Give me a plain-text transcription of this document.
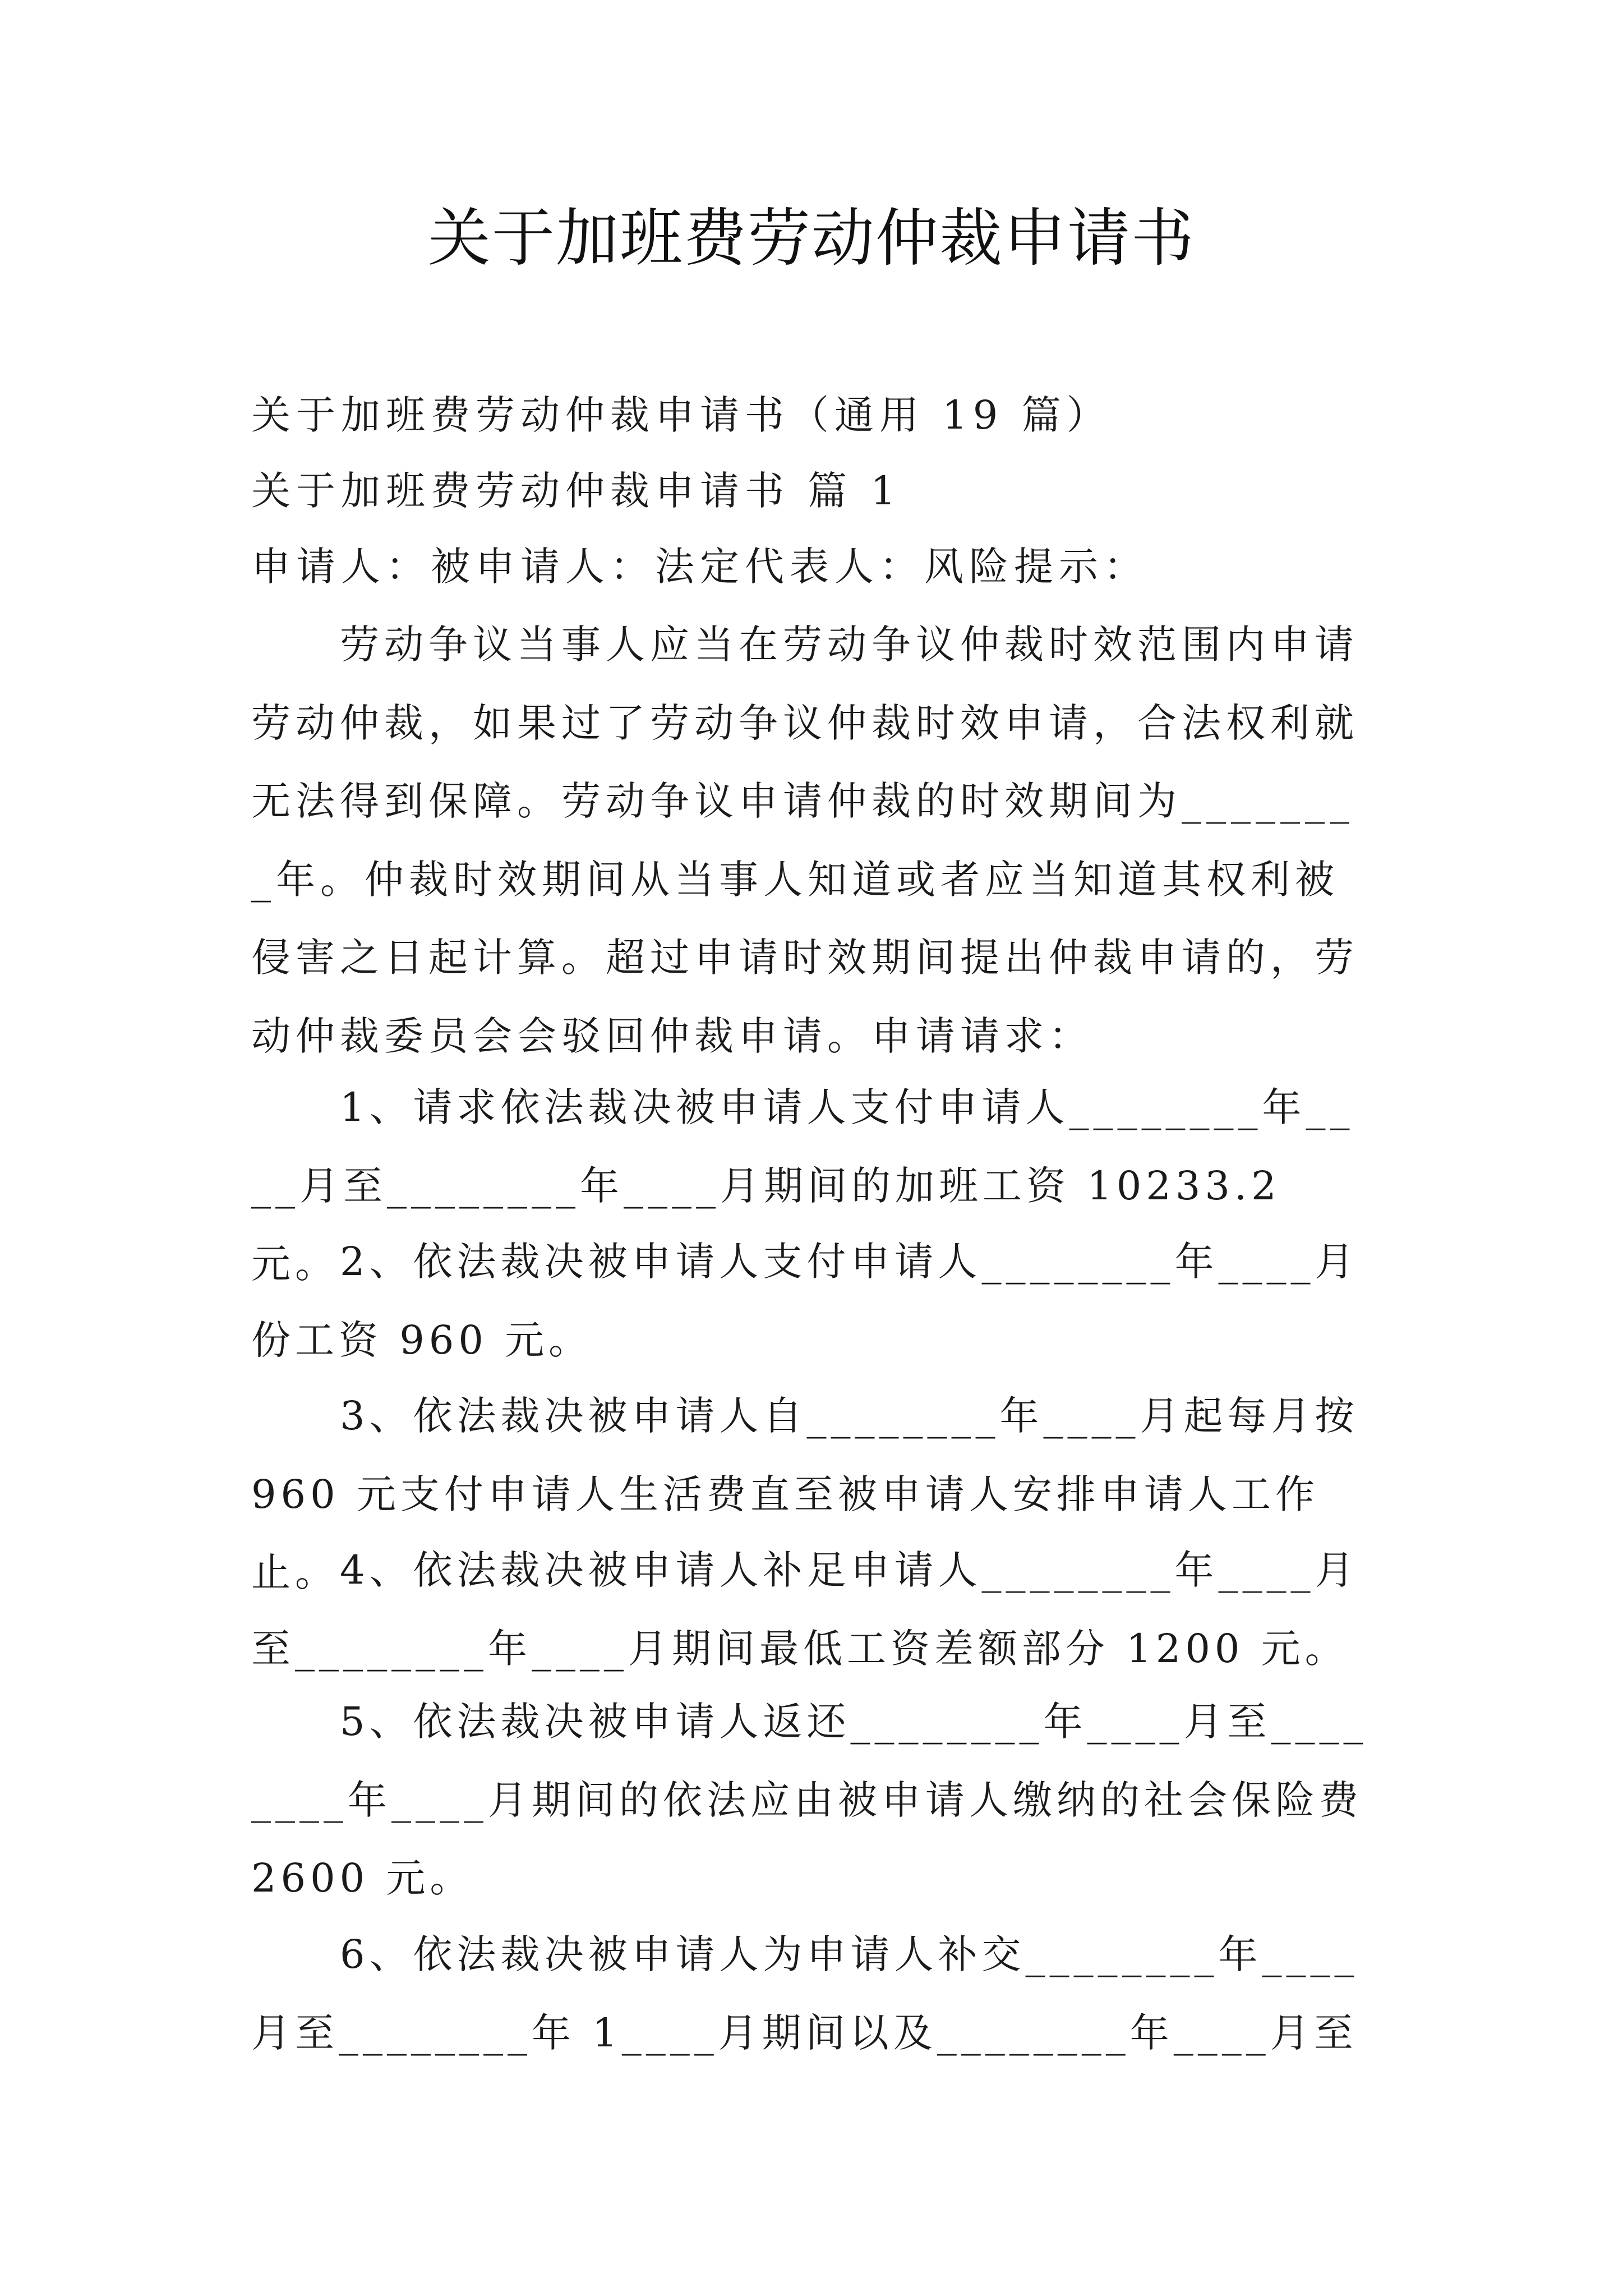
关于加班费劳动仲裁申请书
关于加班费劳动仲裁申请书（通用 19 篇）
关于加班费劳动仲裁申请书 篇 1
申请人：被申请人：法定代表人：风险提示：
劳动争议当事人应当在劳动争议仲裁时效范围内申请劳动仲裁，如果过了劳动争议仲裁时效申请，合法权利就无法得到保障。劳动争议申请仲裁的时效期间为________年。仲裁时效期间从当事人知道或者应当知道其权利被侵害之日起计算。超过申请时效期间提出仲裁申请的，劳动仲裁委员会会驳回仲裁申请。申请请求：
1、请求依法裁决被申请人支付申请人________年____月至________年____月期间的加班工资 10233.2 元。 2、依法裁决被申请人支付申请人________年____月份工资 960 元。
3、依法裁决被申请人自________年____月起每月按 960 元支付申请人生活费直至被申请人安排申请人工作止。 4、依法裁决被申请人补足申请人________年____月至________年____月期间最低工资差额部分 1200 元。
5、依法裁决被申请人返还________年____月至________年____月期间的依法应由被申请人缴纳的社会保险费 2600 元。
6、依法裁决被申请人为申请人补交________年____月至________年 1____月期间以及________年____月至
